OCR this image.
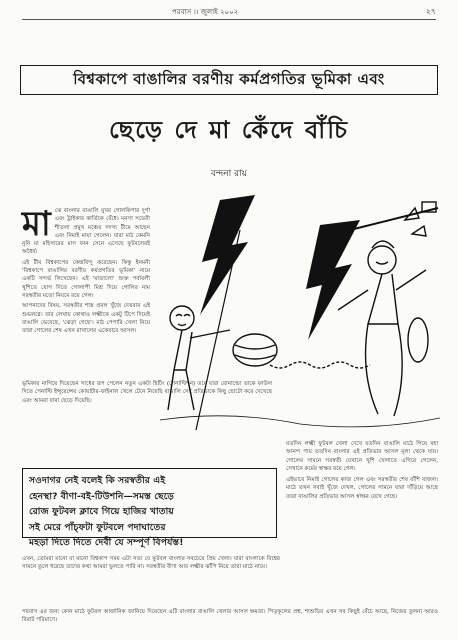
পরবাস ।। জুলাই ২০০২	২৭
বিশ্বকাপে বাঙালির বরণীয় কর্মপ্রগতির ভূমিকা এবং
ছেড়ে দে মা কেঁদে বাঁচি
বন্দনা রায়
মা ঝে বাংলার বাঙালি মুখর গোলকিপার দুর্গা এবং ট্রাইকার কার্তিকে বেঁধে। মনসা সভেবী শীতলা প্রমুখ মঞ্চের সদস্য টীমে আছেন এবং নিমাই মায়া গেলেন। যারা মাঠ কেমনি নুনি মা মহিসারের মাস ফান সেনে এসেছে ফুটবলেরই অধৈর্য।

এই টীম বিশ্বকাপের কেন্দ্রবিন্দু করেছেন। কিন্তু ইনমনী 'বিশ্বকাপে বাঙালির বরণীয় কর্মপ্রগতির ভূমিকা' নামে একটি সন্দর্ভ লিখেছেন। এই 'মাতালো' শুক্ত পর্বাবলী খুশিতে যোগ দিতে গোলাপী মিশ্র দিয়ে গোলির নাম সরস্বতীর মতো নিয়মে রয়ে গেল।

আপনাদের বিষয়, সরস্বতীর শাস্ত্র প্রবল খুঁজে দেখবার এই শুভলগ্নে। তার লেখায় কোথাও লক্ষ্মীকে একটু টিপে দিয়েই বাঙালি ভেবেছে, 'ঝেড়া গেছে'। মাঠ পেপারি খেলা নিয়ে তারা গোলের শেষ এখন রাখালের একেবারে আসল।

ভূমিকার নাগিয়ে দিয়েছেন সাধের রূপ পেলেন নতুন একটা হিটিং (পেনাল্টিশন) তবে যারা রোনাল্ডো তাকে ফাউল দিতে পেনাল্টি ইন্সুরেন্সের কোয়ার্টার-ফাইনাল খেলে টেনে নিয়েছি বাঙালি সেই প্রতিভাকে কিছু ছোটো করে দেখেছে এবং আমরা যারা ছেড়ে দিয়েছি।

সওদাগর নেই বলেই কি সরস্বতীর এই
হেনস্থা? বীণা-বই-টিউশনি—সমস্ত ছেড়ে
রোজ ফুটবল ক্লাবে গিয়ে হাজির খাতায়
সই মেরে পাঁচ্ফটা ফুটবলে পদাঘাতের
মহড়া দিতে দিতে দেবী যে সম্পূর্ণ বিপর্যস্ত!

যতদিন লক্ষ্মী ফুটবল খেলা দেখে যতদিন বাঙালি মাঠে গিয়ে মহা আনন্দ পায় ততদিন বাংলার এই প্রতিভার আসল মূল্য থেকে যায়। গোলের সামনে সরস্বতী যেখানে খুশি খেলাতে এগিয়ে গেলেন, সেখানে কর্মের স্বাক্ষর রয়ে গেল।

এইভাবে নিমাই গোলের কাজ গেল এবং সরস্বতীর শেষ বাঁশি বাজল। মাঠে তখন সবাই খুঁজে দেখল, গোলের সামনে যারা দাঁড়িয়ে আছে তারা বাঙালির প্রতিভার আসল স্বাক্ষর রেখে গেছে।

এখন, তোমরা মানো বা মানো বিশ্বকাপ সময় এটা সত্য যে ফুটবল বাংলার সবচেয়ে প্রিয় খেলা। যারা বাংলাকে বিশ্বের সামনে তুলে ধরেছে তাদের কথা আমরা ভুলতে পারি না। সরস্বতীর বীণা আর লক্ষ্মীর ঝাঁপি নিয়ে তারা মাঠে নামে।

পরবাস এর জন্য কোন মাঠে ফুটবল আর্জানিক জানিয়ে দিয়েছেন এটি বাংলার বাঙালি খেলার আসল ক্ষমতা। পিতৃকূলের প্রশ্ন, শাশুড়ির এখন সব কিছুই বেঁচে আছে, নিজের তুলনা আরও বিরাট পরিমাণে।
